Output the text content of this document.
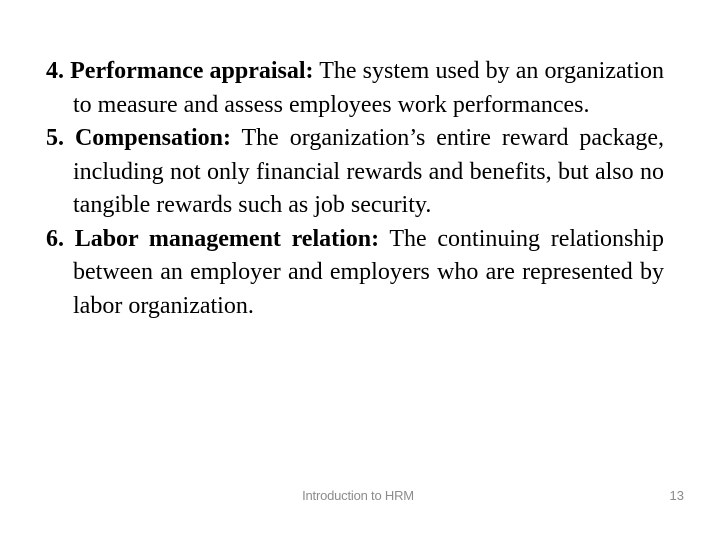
4. Performance appraisal: The system used by an organization to measure and assess employees work performances.

5. Compensation: The organization’s entire reward package, including not only financial rewards and benefits, but also no tangible rewards such as job security.

6. Labor management relation: The continuing relationship between an employer and employers who are represented by labor organization.

Introduction to HRM	13
